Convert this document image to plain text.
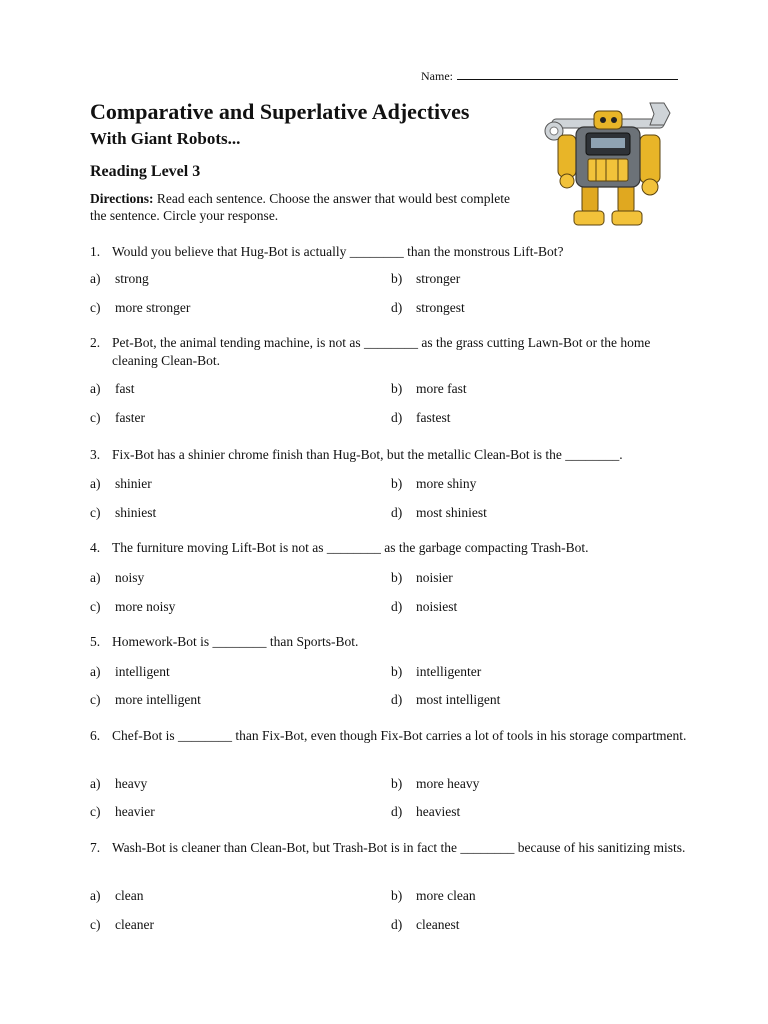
Name:
Comparative and Superlative Adjectives
With Giant Robots...
Reading Level 3

Directions: Read each sentence. Choose the answer that would best complete the sentence. Circle your response.

1. Would you believe that Hug-Bot is actually ________ than the monstrous Lift-Bot?
a) strong	b) stronger
c) more stronger	d) strongest
2. Pet-Bot, the animal tending machine, is not as ________ as the grass cutting Lawn-Bot or the home cleaning Clean-Bot.
a) fast	b) more fast
c) faster	d) fastest
3. Fix-Bot has a shinier chrome finish than Hug-Bot, but the metallic Clean-Bot is the ________.
a) shinier	b) more shiny
c) shiniest	d) most shiniest
4. The furniture moving Lift-Bot is not as ________ as the garbage compacting Trash-Bot.
a) noisy	b) noisier
c) more noisy	d) noisiest
5. Homework-Bot is ________ than Sports-Bot.
a) intelligent	b) intelligenter
c) more intelligent	d) most intelligent
6. Chef-Bot is ________ than Fix-Bot, even though Fix-Bot carries a lot of tools in his storage compartment.
a) heavy	b) more heavy
c) heavier	d) heaviest
7. Wash-Bot is cleaner than Clean-Bot, but Trash-Bot is in fact the ________ because of his sanitizing mists.
a) clean	b) more clean
c) cleaner	d) cleanest
